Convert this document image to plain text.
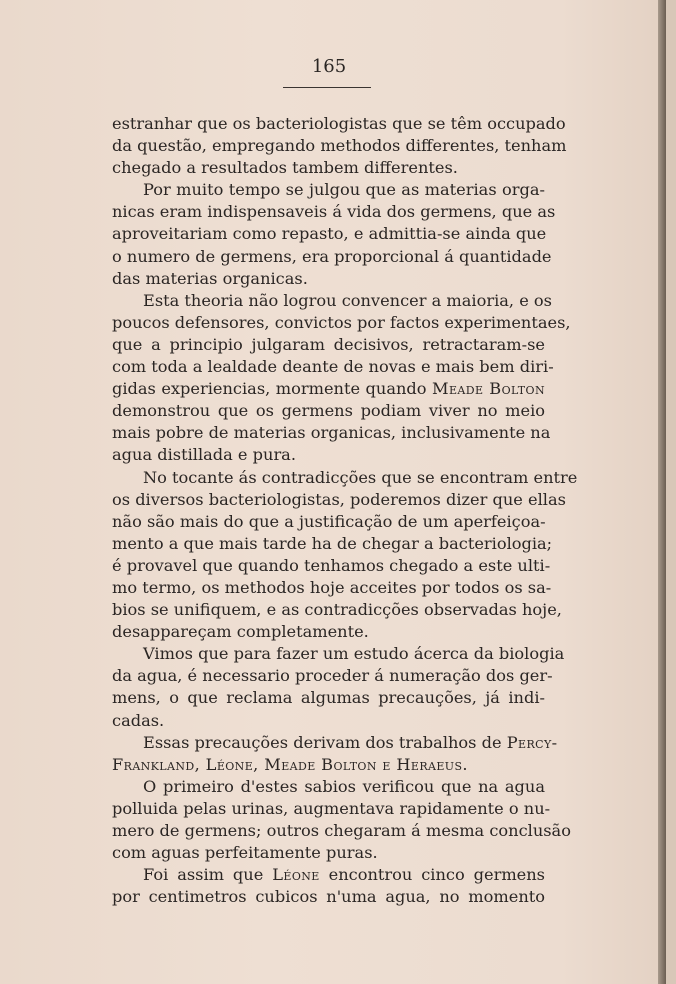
165
estranhar que os bacteriologistas que se têm occupado
da questão, empregando methodos differentes, tenham
chegado a resultados tambem differentes.
Por muito tempo se julgou que as materias orga-
nicas eram indispensaveis á vida dos germens, que as
aproveitariam como repasto, e admittia-se ainda que
o numero de germens, era proporcional á quantidade
das materias organicas.
Esta theoria não logrou convencer a maioria, e os
poucos defensores, convictos por factos experimentaes,
que a principio julgaram decisivos, retractaram-se
com toda a lealdade deante de novas e mais bem diri-
gidas experiencias, mormente quando Meade Bolton
demonstrou que os germens podiam viver no meio
mais pobre de materias organicas, inclusivamente na
agua distillada e pura.
No tocante ás contradicções que se encontram entre
os diversos bacteriologistas, poderemos dizer que ellas
não são mais do que a justificação de um aperfeiçoa-
mento a que mais tarde ha de chegar a bacteriologia;
é provavel que quando tenhamos chegado a este ulti-
mo termo, os methodos hoje acceites por todos os sa-
bios se unifiquem, e as contradicções observadas hoje,
desappareçam completamente.
Vimos que para fazer um estudo ácerca da biologia
da agua, é necessario proceder á numeração dos ger-
mens, o que reclama algumas precauções, já indi-
cadas.
Essas precauções derivam dos trabalhos de Percy-
Frankland, Léone, Meade Bolton e Heraeus.
O primeiro d'estes sabios verificou que na agua
polluida pelas urinas, augmentava rapidamente o nu-
mero de germens; outros chegaram á mesma conclusão
com aguas perfeitamente puras.
Foi assim que Léone encontrou cinco germens
por centimetros cubicos n'uma agua, no momento
